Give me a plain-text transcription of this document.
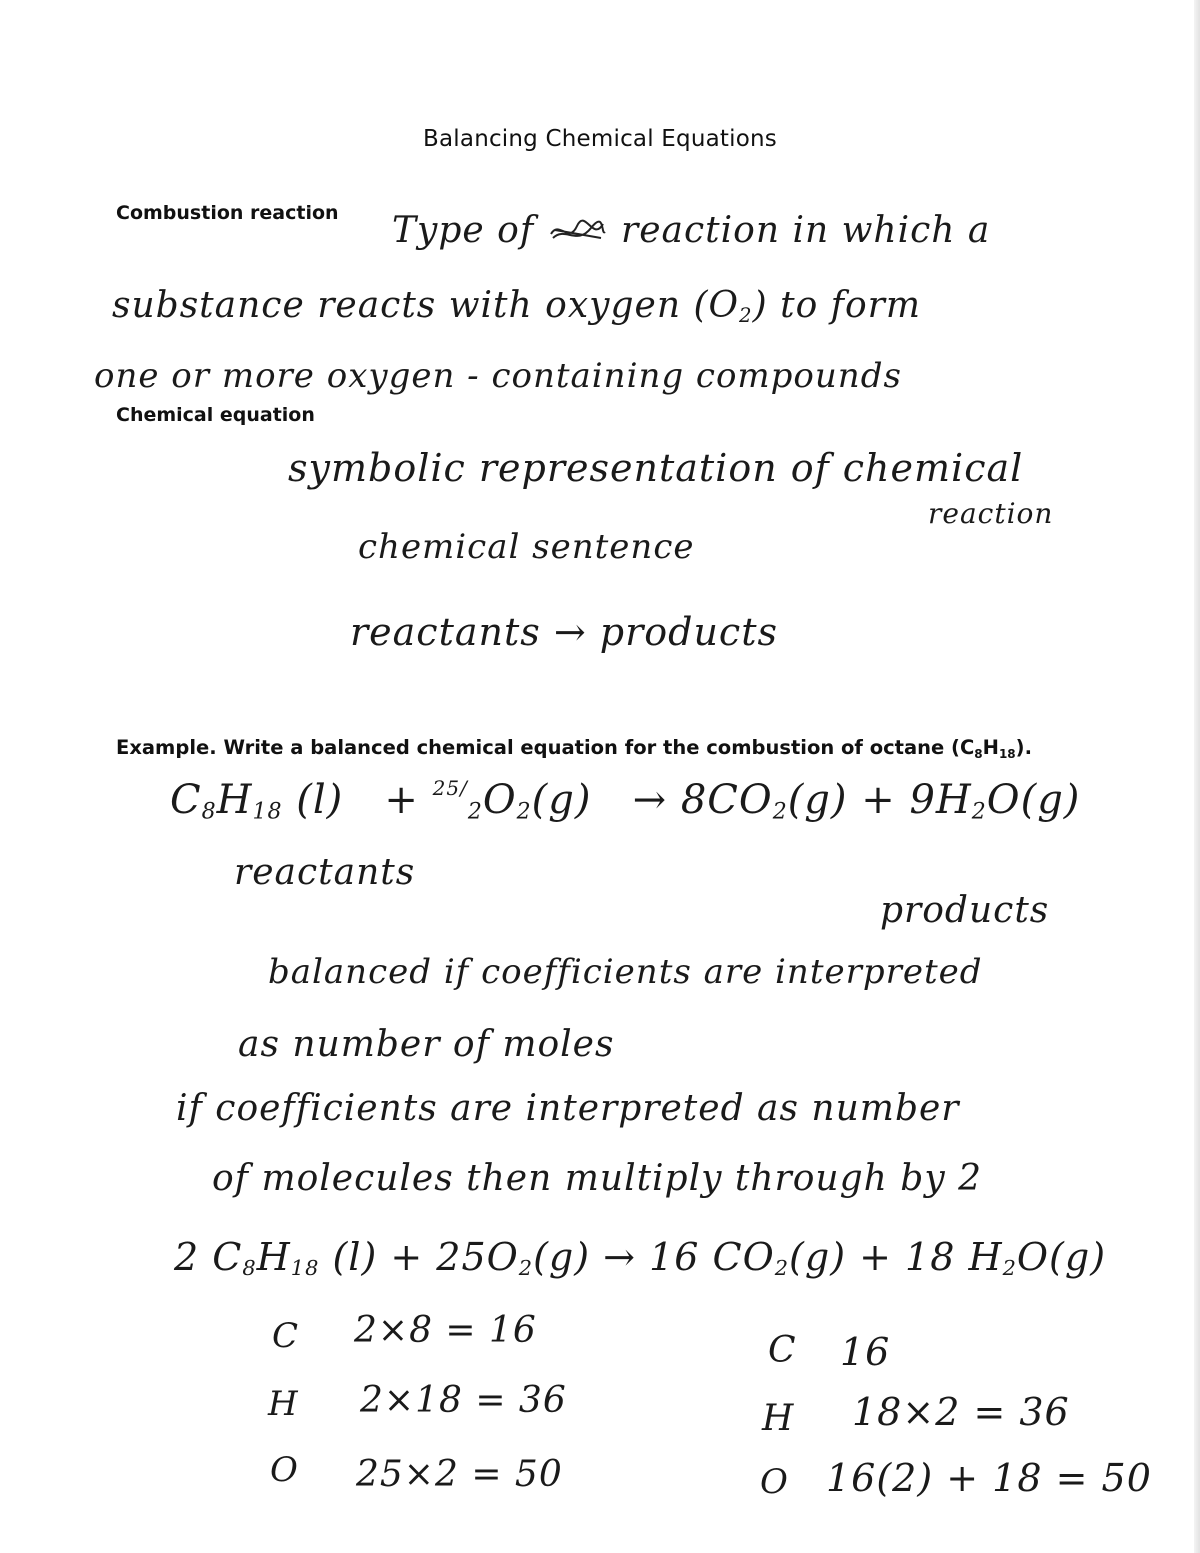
Balancing Chemical Equations
Combustion reaction
Chemical equation
Example. Write a balanced chemical equation for the combustion of octane $(C_8H_{18})$.
Type of reaction in which a
substance reacts with oxygen $(O_2)$ to form
one or more oxygen - containing compounds
symbolic representation of chemical
reaction
chemical sentence
reactants → products
$C_8H_{18}$ $(l) + ^{25/}_2O_2(g) \to 8CO_2(g) + 9H_2O(g)$
reactants
products
balanced if coefficients are interpreted
as number of moles
if coefficients are interpreted as number
of molecules then multiply through by 2
2 $C_8H_{18}$ $(l) + 25O_2(g) \to 16$ $CO_2(g) + 18$ $H_2O(g)$
C 2×8 = 16
H 2×18 = 36
O 25×2 = 50
C 16
H 18×2 = 36
O 16(2) + 18 = 50
